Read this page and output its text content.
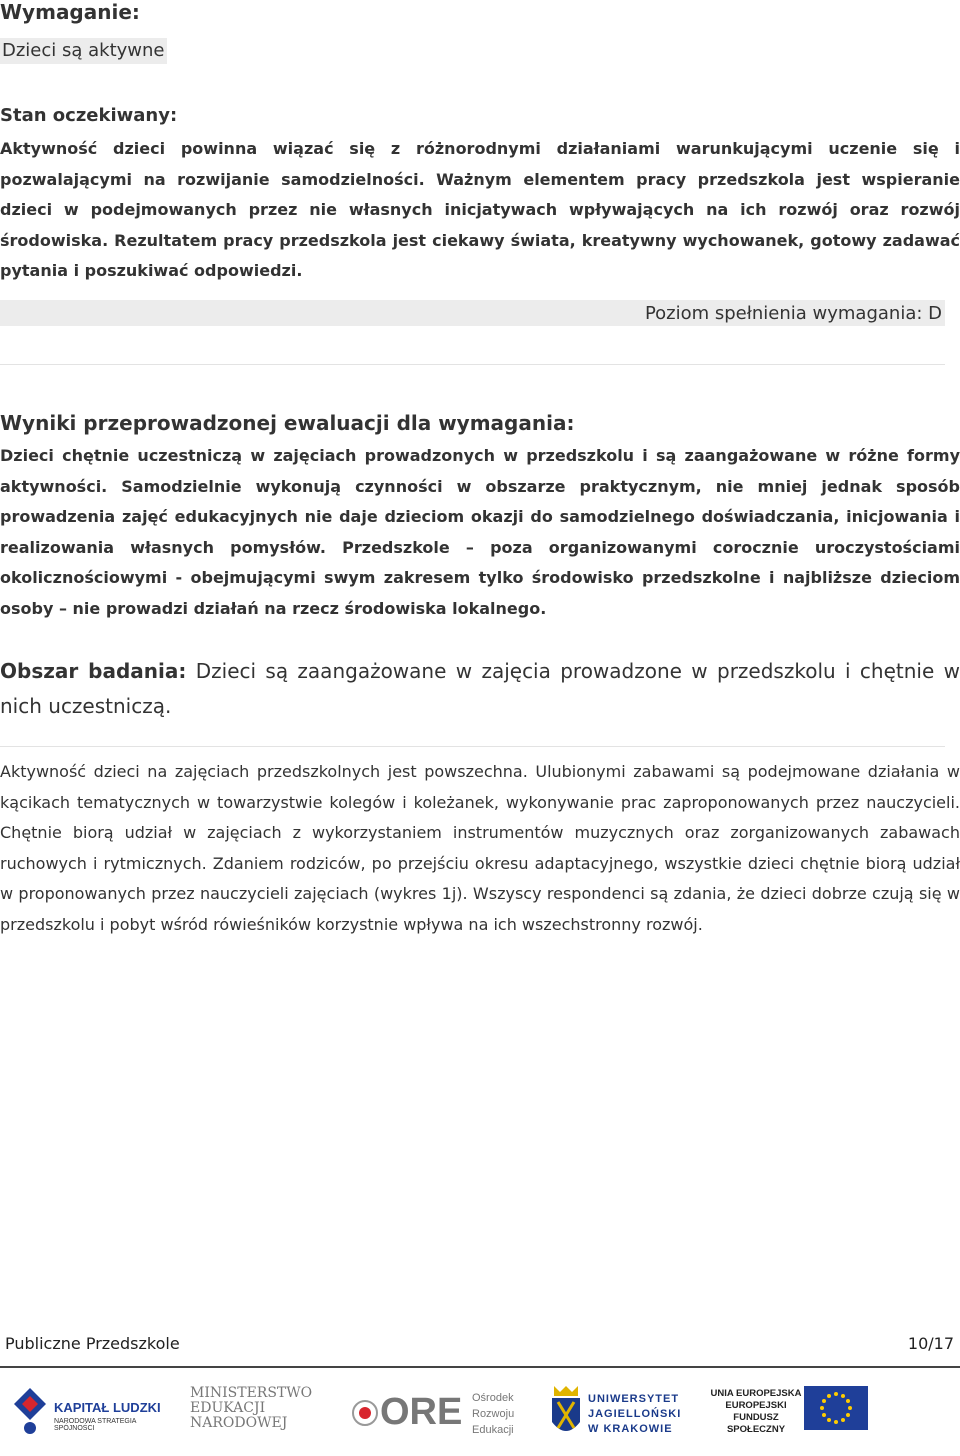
Wymaganie:
Dzieci są aktywne
Stan oczekiwany:
Aktywność dzieci powinna wiązać się z różnorodnymi działaniami warunkującymi uczenie się i pozwalającymi na rozwijanie samodzielności. Ważnym elementem pracy przedszkola jest wspieranie dzieci w podejmowanych przez nie własnych inicjatywach wpływających na ich rozwój oraz rozwój środowiska. Rezultatem pracy przedszkola jest ciekawy świata, kreatywny wychowanek, gotowy zadawać pytania i poszukiwać odpowiedzi.
Poziom spełnienia wymagania: D
Wyniki przeprowadzonej ewaluacji dla wymagania:
Dzieci chętnie uczestniczą w zajęciach prowadzonych w przedszkolu i są zaangażowane w różne formy aktywności. Samodzielnie wykonują czynności w obszarze praktycznym, nie mniej jednak sposób prowadzenia zajęć edukacyjnych nie daje dzieciom okazji do samodzielnego doświadczania, inicjowania i realizowania własnych pomysłów. Przedszkole – poza organizowanymi corocznie uroczystościami okolicznościowymi - obejmującymi swym zakresem tylko środowisko przedszkolne i najbliższe dzieciom osoby – nie prowadzi działań na rzecz środowiska lokalnego.
Obszar badania: Dzieci są zaangażowane w zajęcia prowadzone w przedszkolu i chętnie w nich uczestniczą.
Aktywność dzieci na zajęciach przedszkolnych jest powszechna. Ulubionymi zabawami są podejmowane działania w kącikach tematycznych w towarzystwie kolegów i koleżanek, wykonywanie prac zaproponowanych przez nauczycieli. Chętnie biorą udział w zajęciach z wykorzystaniem instrumentów muzycznych oraz zorganizowanych zabawach ruchowych i rytmicznych. Zdaniem rodziców, po przejściu okresu adaptacyjnego, wszystkie dzieci chętnie biorą udział w proponowanych przez nauczycieli zajęciach (wykres 1j). Wszyscy respondenci są zdania, że dzieci dobrze czują się w przedszkolu i pobyt wśród rówieśników korzystnie wpływa na ich wszechstronny rozwój.
Publiczne Przedszkole	10/17
KAPITAŁ LUDZKI
NARODOWA STRATEGIA SPÓJNOŚCI
MINISTERSTWO
EDUKACJI
NARODOWEJ	ORE Ośrodek
Rozwoju
Edukacji
UNIWERSYTET
JAGIELLOŃSKI
W KRAKOWIE
UNIA EUROPEJSKA
EUROPEJSKI
FUNDUSZ SPOŁECZNY
